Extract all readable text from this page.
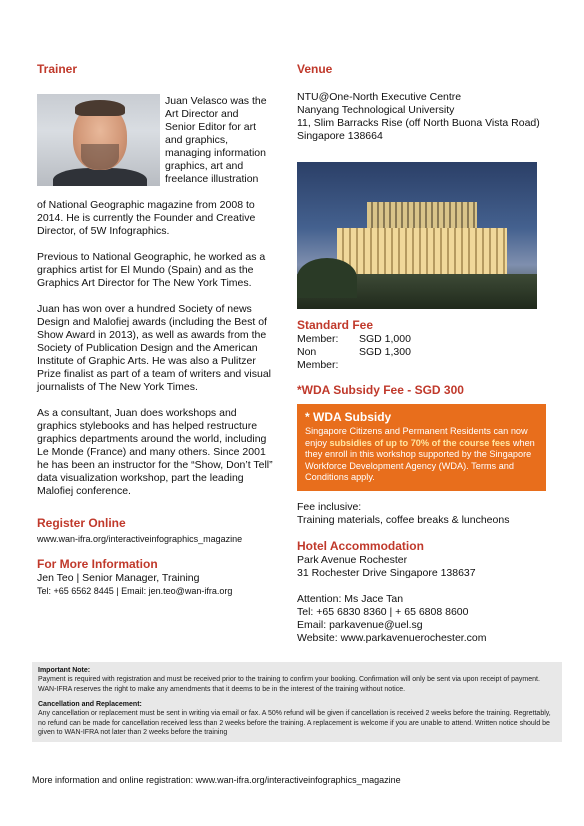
Trainer

Juan Velasco was the

Art Director and

Senior Editor for art

and graphics,

managing information

graphics, art and

freelance illustration

of National Geographic magazine from 2008 to 2014. He is currently the Founder and Creative Director, of 5W Infographics.

Previous to National Geographic, he worked as a graphics artist for El Mundo (Spain) and as the Graphics Art Director for The New York Times.

Juan has won over a hundred Society of news Design and Malofiej awards (including the Best of Show Award in 2013), as well as awards from the Society of Publication Design and the American Institute of Graphic Arts. He was also a Pulitzer Prize finalist as part of a team of writers and visual journalists of The New York Times.

As a consultant, Juan does workshops and graphics stylebooks and has helped restructure graphics departments around the world, including Le Monde (France) and many others. Since 2001 he has been an instructor for the “Show, Don’t Tell” data visualization workshop, part the leading Malofiej conference.

Register Online

www.wan-ifra.org/interactiveinfographics_magazine

For More Information

Jen Teo | Senior Manager, Training

Tel: +65 6562 8445 | Email: jen.teo@wan-ifra.org

Venue

NTU@One-North Executive Centre

Nanyang Technological University

11, Slim Barracks Rise (off North Buona Vista Road)

Singapore 138664

Standard Fee

Member:	SGD 1,000
Non Member:
SGD 1,300

*WDA Subsidy Fee - SGD 300

* WDA Subsidy

Singapore Citizens and Permanent Residents can now enjoy subsidies of up to 70% of the course fees when they enroll in this workshop supported by the Singapore Workforce Development Agency (WDA). Terms and Conditions apply.

Fee inclusive:

Training materials, coffee breaks & luncheons

Hotel Accommodation

Park Avenue Rochester

31 Rochester Drive Singapore 138637

Attention: Ms Jace Tan

Tel: +65 6830 8360 | + 65 6808 8600

Email: parkavenue@uel.sg

Website: www.parkavenuerochester.com

Important Note:

Payment is required with registration and must be received prior to the training to confirm your booking. Confirmation will only be sent via upon receipt of payment. WAN-IFRA reserves the right to make any amendments that it deems to be in the interest of the training without notice.

Cancellation and Replacement:

Any cancellation or replacement must be sent in writing via email or fax. A 50% refund will be given if cancellation is received 2 weeks before the training. Regrettably, no refund can be made for cancellation received less than 2 weeks before the training. A replacement is welcome if you are unable to attend. Written notice should be given to WAN-IFRA not later than 2 weeks before the training

More information and online registration: www.wan-ifra.org/interactiveinfographics_magazine
